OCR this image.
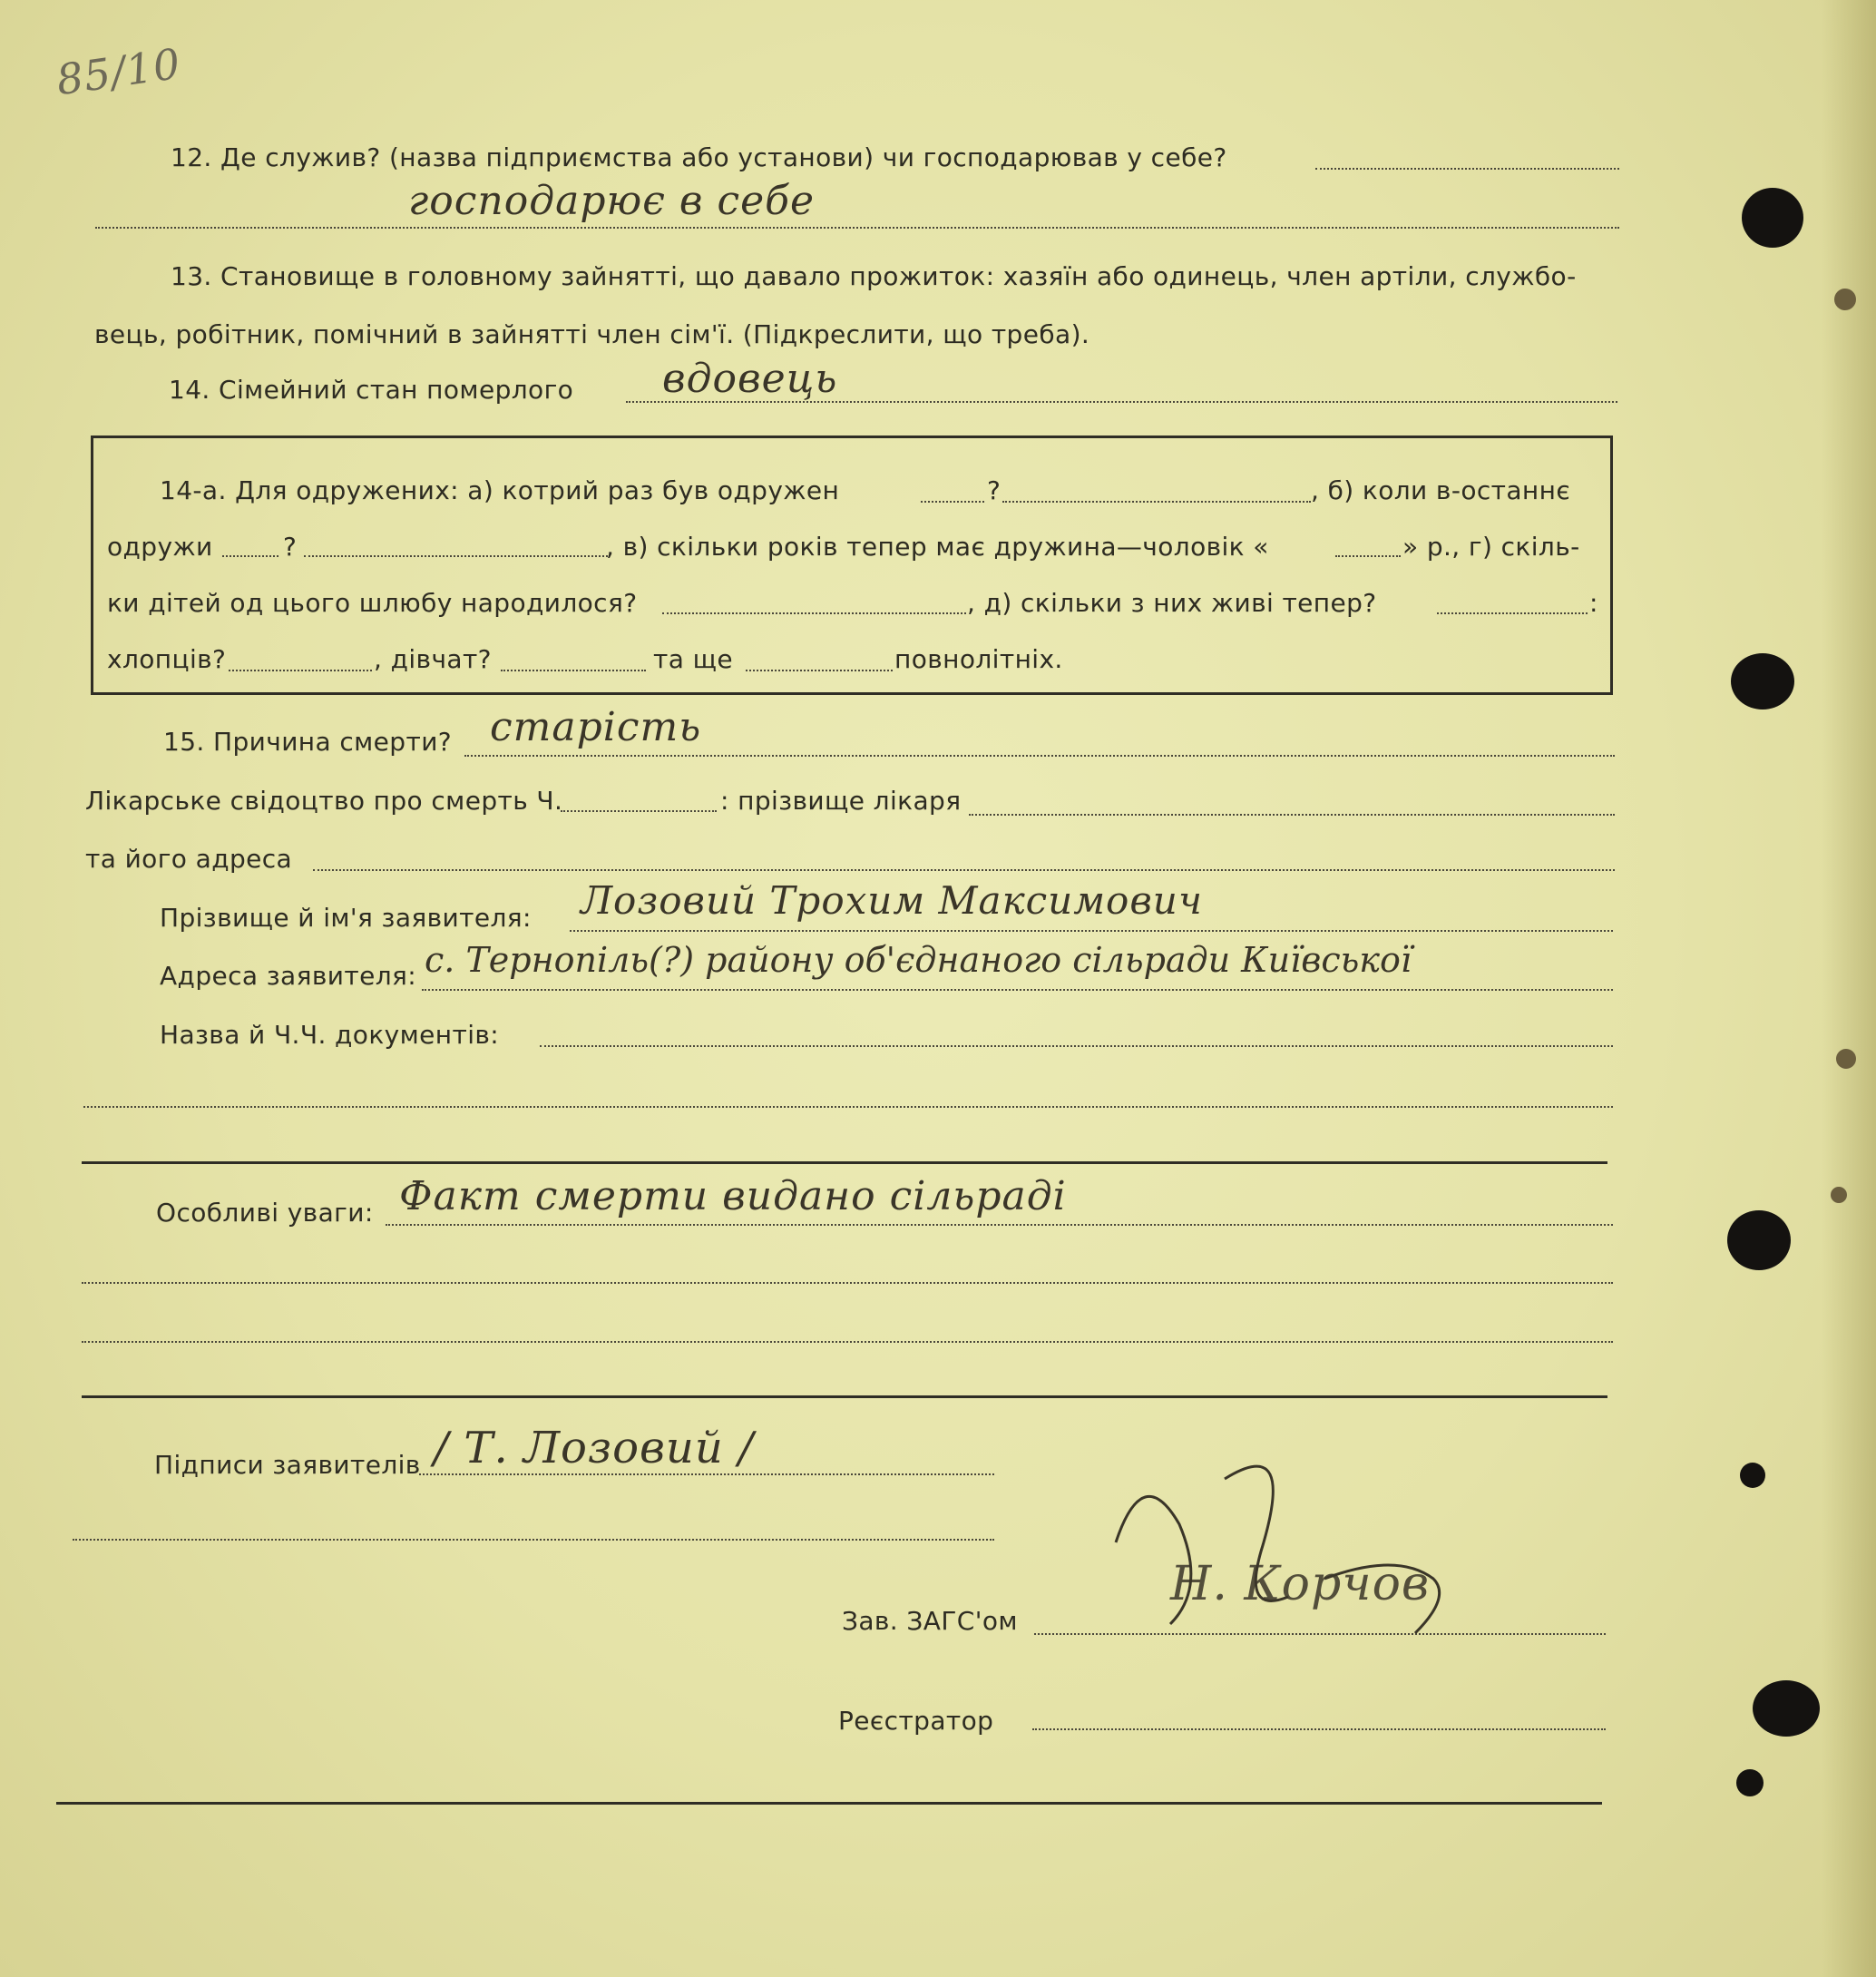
85/10
12. Де служив? (назва підприємства або установи) чи господарював у себе?
господарює в себе
13. Становище в головному зайнятті, що давало прожиток: хазяїн або одинець, член артіли, службо-
вець, робітник, помічний в зайнятті член сім'ї. (Підкреслити, що треба).
14. Сімейний стан померлого вдовець
14-а. Для одружених: а) котрий раз був одружен	?	, б) коли в-останнє
одружи	?	, в) скільки років тепер має дружина—чоловік «	» р., г) скіль-
ки дітей од цього шлюбу народилося?	, д) скільки з них живі тепер?	:
хлопців?	, дівчат?	та ще	повнолітніх.
15. Причина смерти? старість
Лікарське свідоцтво про смерть Ч.	: прізвище лікаря
та його адреса
Прізвище й ім'я заявителя: Лозовий Трохим Максимович
Адреса заявителя: с. Тернопіль(?) району об'єднаного сільради Київської
Назва й Ч.Ч. документів:
Особливі уваги: Факт смерти видано сільраді
Підписи заявителів / Т. Лозовий /
Зав. ЗАГС'ом
Н. Корчов
Реєстратор
